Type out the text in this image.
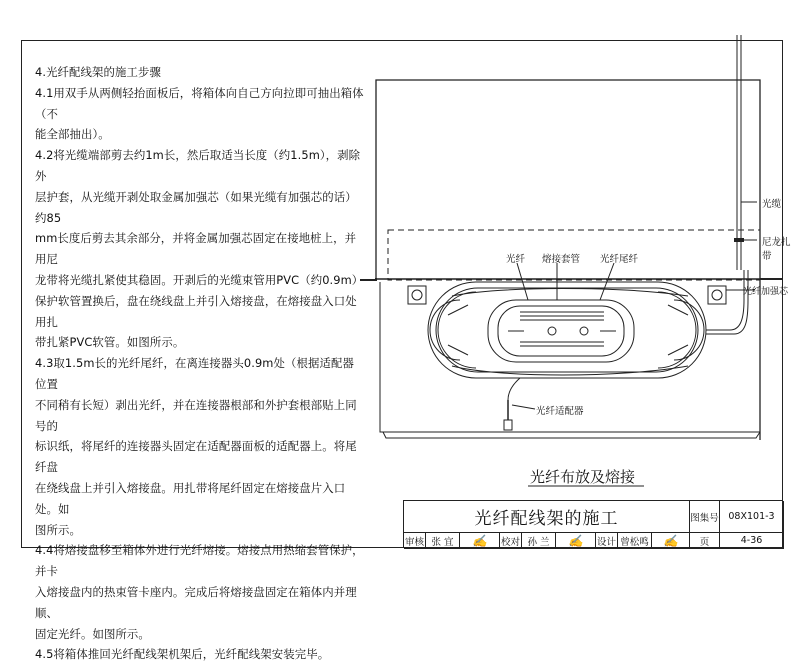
4.光纤配线架的施工步骤

4.1用双手从两侧轻抬面板后，将箱体向自己方向拉即可抽出箱体（不

能全部抽出）。

4.2将光缆端部剪去约1m长，然后取适当长度（约1.5m），剥除外

层护套，从光缆开剥处取金属加强芯（如果光缆有加强芯的话）约85

mm长度后剪去其余部分，并将金属加强芯固定在接地桩上，并用尼

龙带将光缆扎紧使其稳固。开剥后的光缆束管用PVC（约0.9m）

保护软管置换后，盘在绕线盘上并引入熔接盘，在熔接盘入口处用扎

带扎紧PVC软管。如图所示。

4.3取1.5m长的光纤尾纤，在离连接器头0.9m处（根据适配器位置

不同稍有长短）剥出光纤，并在连接器根部和外护套根部贴上同号的

标识纸，将尾纤的连接器头固定在适配器面板的适配器上。将尾纤盘

在绕线盘上并引入熔接盘。用扎带将尾纤固定在熔接盘片入口处。如

图所示。

4.4将熔接盘移至箱体外进行光纤熔接。熔接点用热缩套管保护，并卡

入熔接盘内的热束管卡座内。完成后将熔接盘固定在箱体内并理顺、

固定光纤。如图所示。

4.5将箱体推回光纤配线架机架后，光纤配线架安装完毕。

光纤 熔接套管 光纤尾纤
光缆
尼龙扎
带
光纤加强芯
光纤适配器
光纤布放及熔接
光纤配线架的施工	图集号	08X101-3
审核 张 宜	✍	校对 孙 兰	✍	设计 曾松鸣	✍	页	4-36
